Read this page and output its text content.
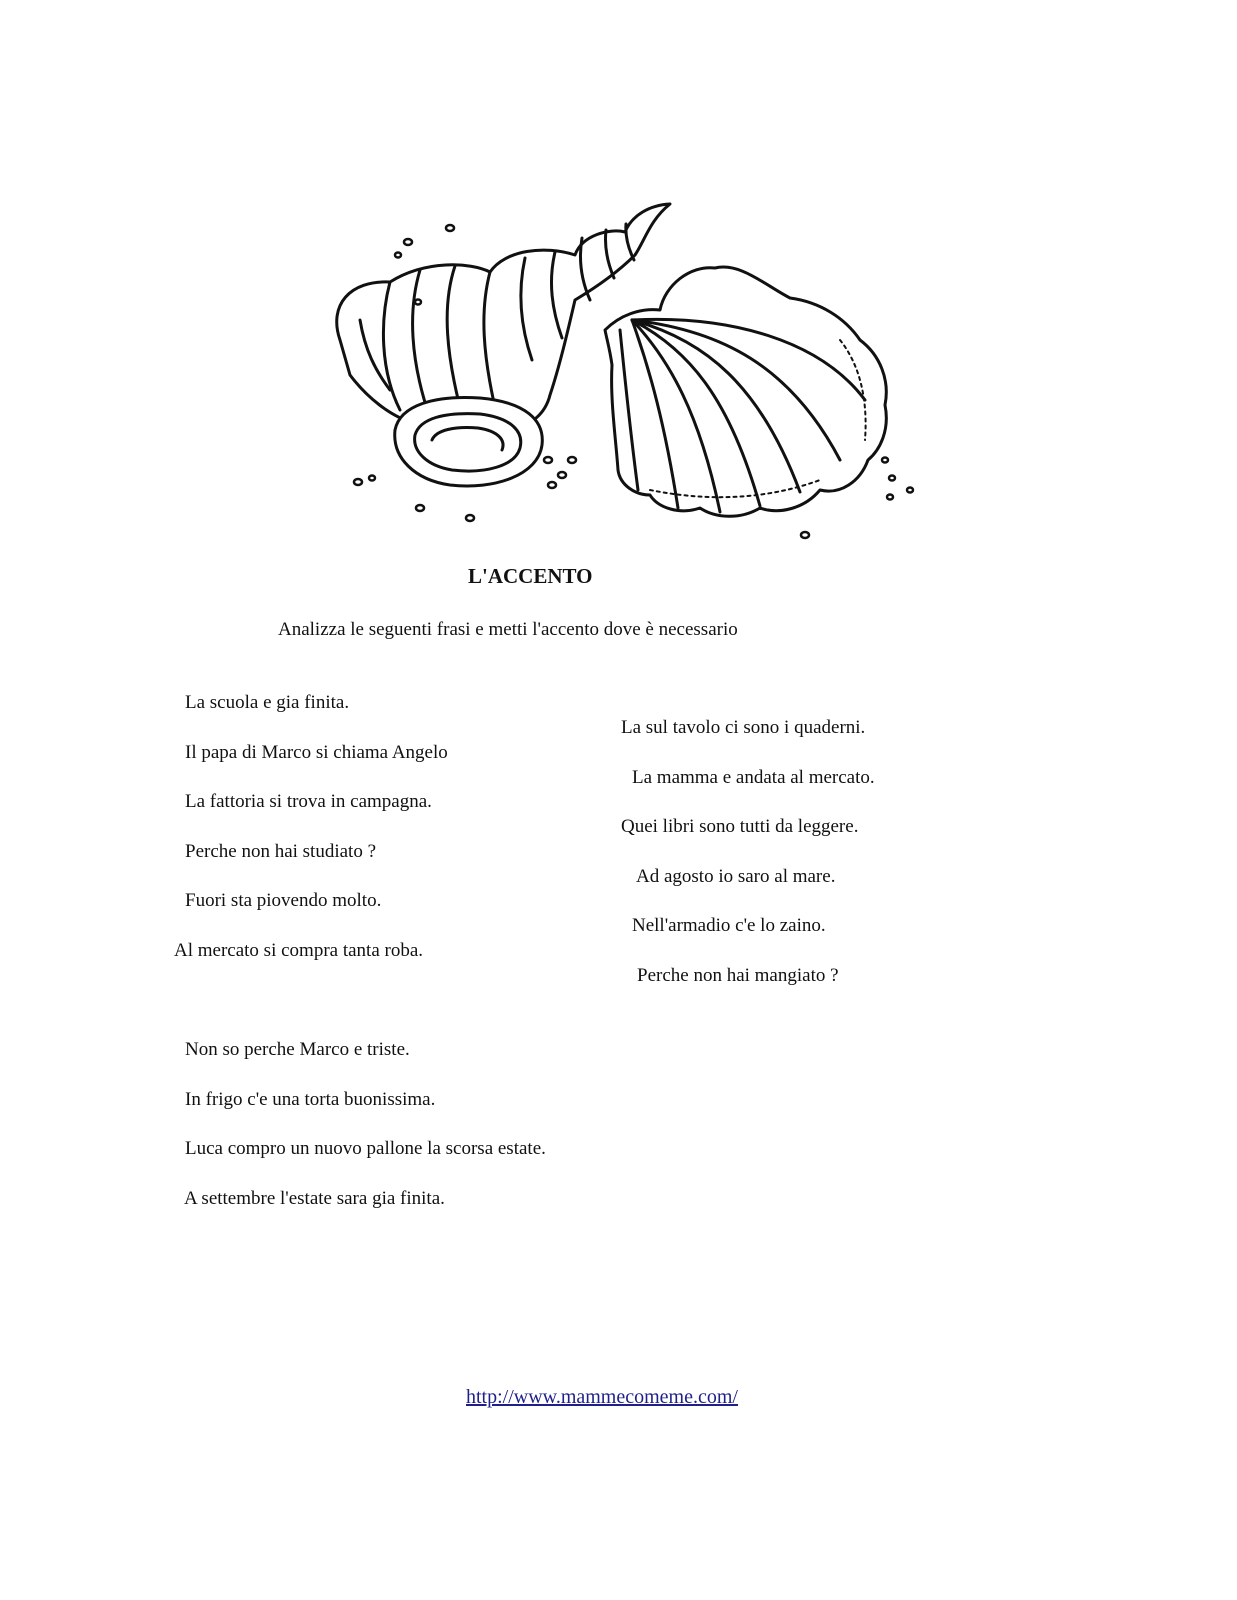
L'ACCENTO
Analizza le seguenti frasi e metti l'accento dove è necessario
La scuola e gia finita.
Il papa di Marco si chiama Angelo
La fattoria si trova in campagna.
Perche non hai studiato ?
Fuori sta piovendo molto.
Al mercato si compra tanta roba.
La sul tavolo ci sono i quaderni.
La mamma e andata al mercato.
Quei libri sono tutti da leggere.
Ad agosto io saro al mare.
Nell'armadio c'e lo zaino.
Perche non hai mangiato ?
Non so perche Marco e triste.
In frigo c'e una torta buonissima.
Luca compro un nuovo pallone la scorsa estate.
A settembre l'estate sara gia finita.
http://www.mammecomeme.com/
